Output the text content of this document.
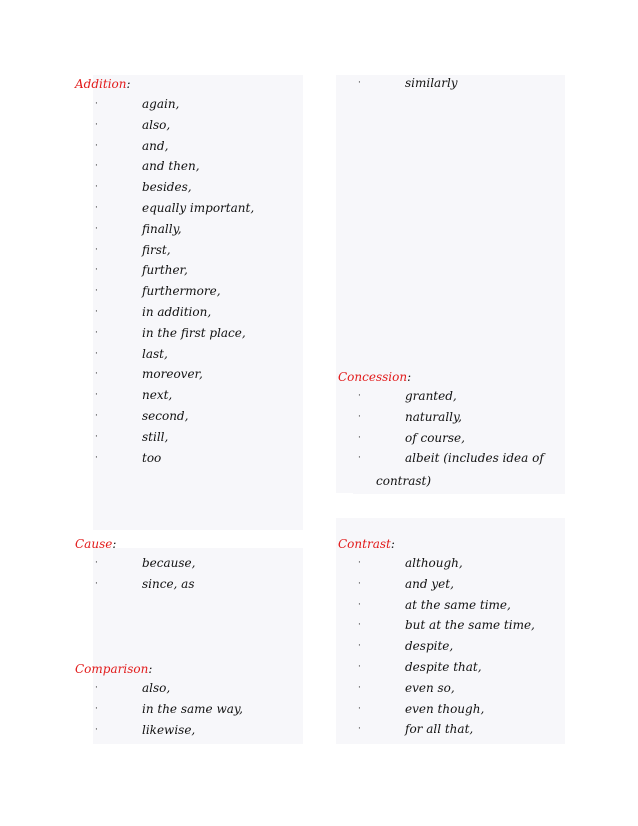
Addition:
Cause:
Comparison:
Concession:
Contrast:
contrast)
·	again,
·	also,
·	and,
·	and then,
·	besides,
·	equally important,
·	finally,
·	first,
·	further,
·	furthermore,
·	in addition,
·	in the first place,
·	last,
·	moreover,
·	next,
·	second,
·	still,
·	too
·	because,
·	since, as
·	also,
·	in the same way,
·	likewise,
·	similarly
·	granted,
·	naturally,
·	of course,
·	albeit (includes idea of
·	although,
·	and yet,
·	at the same time,
·	but at the same time,
·	despite,
·	despite that,
·	even so,
·	even though,
·	for all that,
